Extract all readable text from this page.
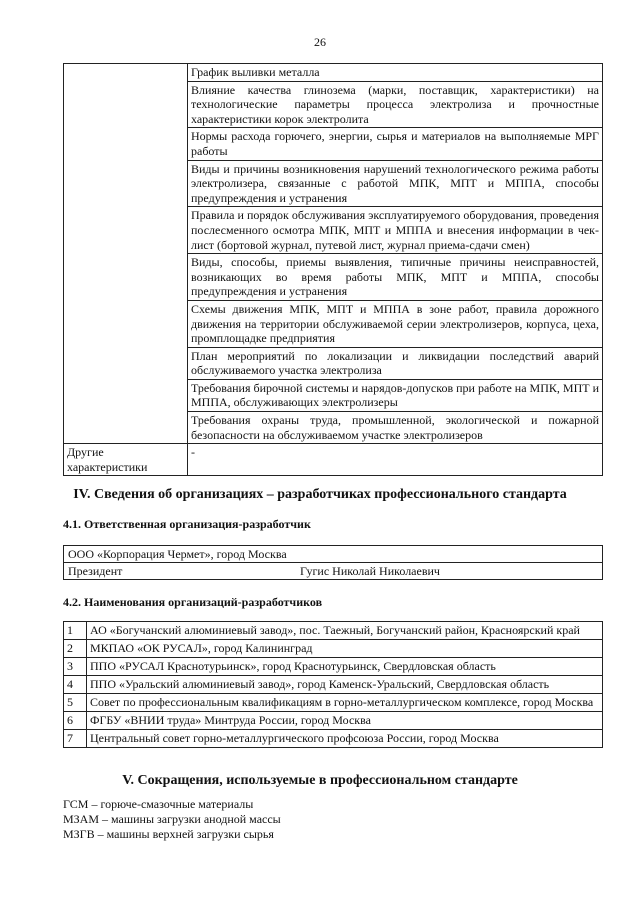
26
	График выливки металла
	Влияние качества глинозема (марки, поставщик, характеристики) на технологические параметры процесса электролиза и прочностные характеристики корок электролита
	Нормы расхода горючего, энергии, сырья и материалов на выполняемые МРГ работы
	Виды и причины возникновения нарушений технологического режима работы электролизера, связанные с работой МПК, МПТ и МППА, способы предупреждения и устранения
	Правила и порядок обслуживания эксплуатируемого оборудования, проведения послесменного осмотра МПК, МПТ и МППА и внесения информации в чек-лист (бортовой журнал, путевой лист, журнал приема-сдачи смен)
	Виды, способы, приемы выявления, типичные причины неисправностей, возникающих во время работы МПК, МПТ и МППА, способы предупреждения и устранения
	Схемы движения МПК, МПТ и МППА в зоне работ, правила дорожного движения на территории обслуживаемой серии электролизеров, корпуса, цеха, промплощадке предприятия
	План мероприятий по локализации и ликвидации последствий аварий обслуживаемого участка электролиза
	Требования бирочной системы и нарядов-допусков при работе на МПК, МПТ и МППА, обслуживающих электролизеры
	Требования охраны труда, промышленной, экологической и пожарной безопасности на обслуживаемом участке электролизеров
Другие характеристики	-
IV. Сведения об организациях – разработчиках профессионального стандарта
4.1. Ответственная организация-разработчик
ООО «Корпорация Чермет», город Москва
Президент	Гугис Николай Николаевич
4.2. Наименования организаций-разработчиков
1	АО «Богучанский алюминиевый завод», пос. Таежный, Богучанский район, Красноярский край
2	МКПАО «ОК РУСАЛ», город Калининград
3	ППО «РУСАЛ Краснотурьинск», город Краснотурьинск, Свердловская область
4	ППО «Уральский алюминиевый завод», город Каменск-Уральский, Свердловская область
5	Совет по профессиональным квалификациям в горно-металлургическом комплексе, город Москва
6	ФГБУ «ВНИИ труда» Минтруда России, город Москва
7	Центральный совет горно-металлургического профсоюза России, город Москва
V. Сокращения, используемые в профессиональном стандарте
ГСМ – горюче-смазочные материалы
МЗАМ – машины загрузки анодной массы
МЗГВ – машины верхней загрузки сырья
